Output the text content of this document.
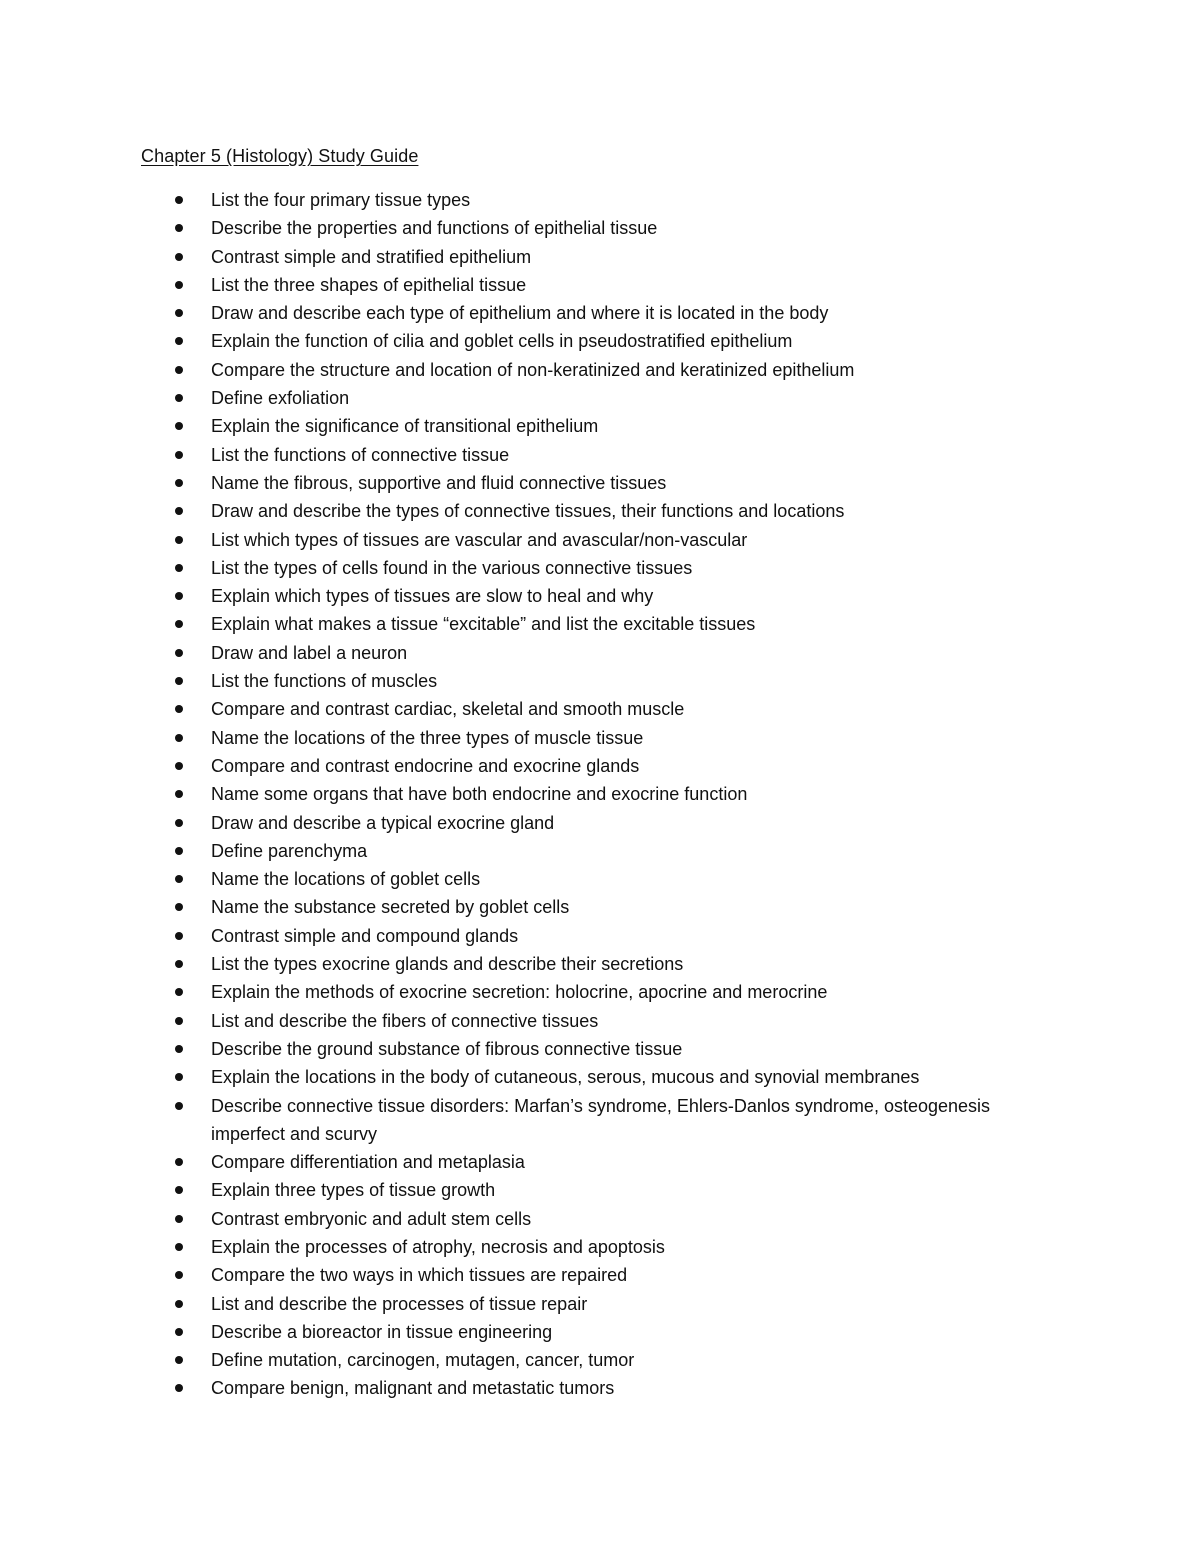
Chapter 5 (Histology) Study Guide
List the four primary tissue types
Describe the properties and functions of epithelial tissue
Contrast simple and stratified epithelium
List the three shapes of epithelial tissue
Draw and describe each type of epithelium and where it is located in the body
Explain the function of cilia and goblet cells in pseudostratified epithelium
Compare the structure and location of non-keratinized and keratinized epithelium
Define exfoliation
Explain the significance of transitional epithelium
List the functions of connective tissue
Name the fibrous, supportive and fluid connective tissues
Draw and describe the types of connective tissues, their functions and locations
List which types of tissues are vascular and avascular/non-vascular
List the types of cells found in the various connective tissues
Explain which types of tissues are slow to heal and why
Explain what makes a tissue “excitable” and list the excitable tissues
Draw and label a neuron
List the functions of muscles
Compare and contrast cardiac, skeletal and smooth muscle
Name the locations of the three types of muscle tissue
Compare and contrast endocrine and exocrine glands
Name some organs that have both endocrine and exocrine function
Draw and describe a typical exocrine gland
Define parenchyma
Name the locations of goblet cells
Name the substance secreted by goblet cells
Contrast simple and compound glands
List the types exocrine glands and describe their secretions
Explain the methods of exocrine secretion: holocrine, apocrine and merocrine
List and describe the fibers of connective tissues
Describe the ground substance of fibrous connective tissue
Explain the locations in the body of cutaneous, serous, mucous and synovial membranes
Describe connective tissue disorders: Marfan’s syndrome, Ehlers-Danlos syndrome, osteogenesis imperfect and scurvy
Compare differentiation and metaplasia
Explain three types of tissue growth
Contrast embryonic and adult stem cells
Explain the processes of atrophy, necrosis and apoptosis
Compare the two ways in which tissues are repaired
List and describe the processes of tissue repair
Describe a bioreactor in tissue engineering
Define mutation, carcinogen, mutagen, cancer, tumor
Compare benign, malignant and metastatic tumors
